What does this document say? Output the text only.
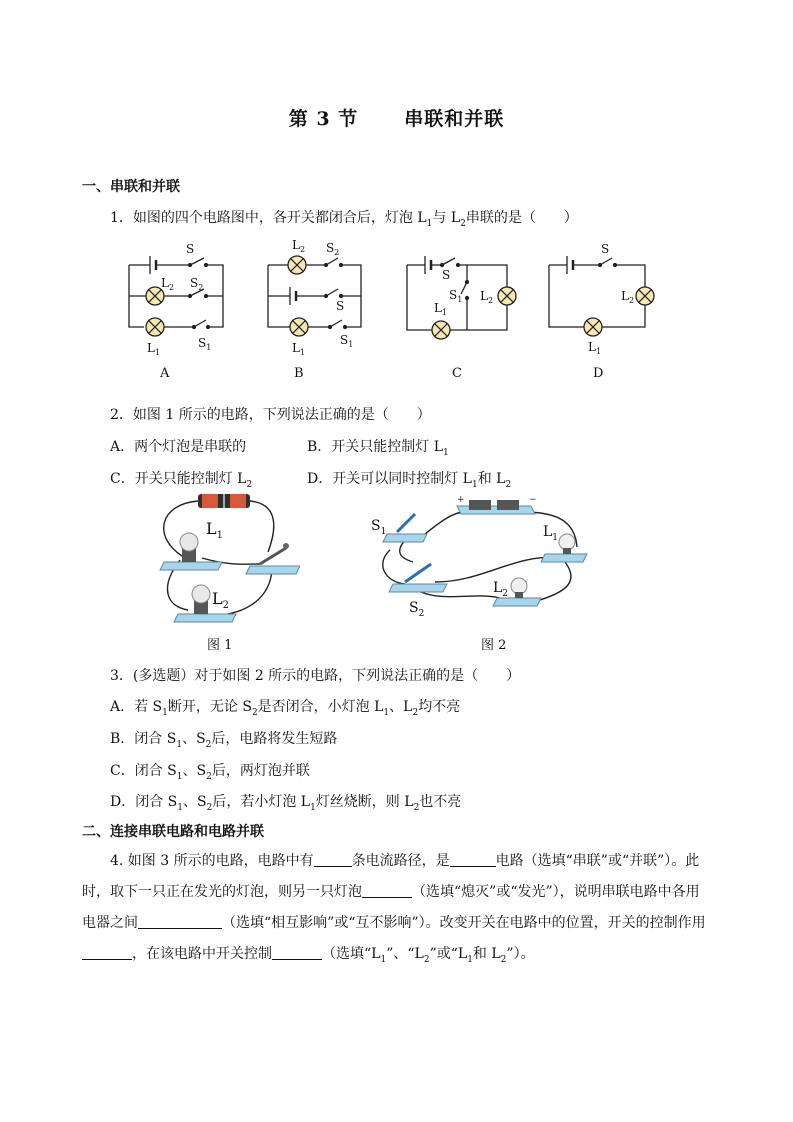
第 3 节 串联和并联
一、串联和并联
1．如图的四个电路图中，各开关都闭合后，灯泡 $L_1$与 $L_2$串联的是（　　）
S
$L_2$ $S_2$
$L_1$
$S_1$
$L_2$ $S_2$
S
$L_1$
$S_1$
S
$S_1$ $L_2$
$L_1$
S
$L_2$
$L_1$
A	B	C	D
2．如图 1 所示的电路，下列说法正确的是（　　）
A．两个灯泡是串联的	B．开关只能控制灯 $L_1$
C．开关只能控制灯 $L_2$	D．开关可以同时控制灯 $L_1$和 $L_2$
$L_1$
$L_2$
图 1
+	−
$S_1$	$L_1$
$L_2$
$S_2$
图 2
3．(多选题）对于如图 2 所示的电路，下列说法正确的是（　　）
A．若 $S_1$断开，无论 $S_2$是否闭合，小灯泡 $L_1$、$L_2$均不亮
B．闭合 $S_1$、$S_2$后，电路将发生短路
C．闭合 $S_1$、$S_2$后，两灯泡并联
D．闭合 $S_1$、$S_2$后，若小灯泡 $L_1$灯丝烧断，则 $L_2$也不亮
二、连接串联电路和电路并联
4. 如图 3 所示的电路，电路中有	条电流路径，是	电路（选填“串联”或“并联”）。此时，取下一只正在发光的灯泡，则另一只灯泡	（选填“熄灭”或“发光”），说明串联电路中各用电器之间	（选填“相互影响”或“互不影响”）。改变开关在电路中的位置，开关的控制作用，在该电路中开关控制	（选填“$L_1$”、“$L_2$”或“$L_1$和 $L_2$”）。
